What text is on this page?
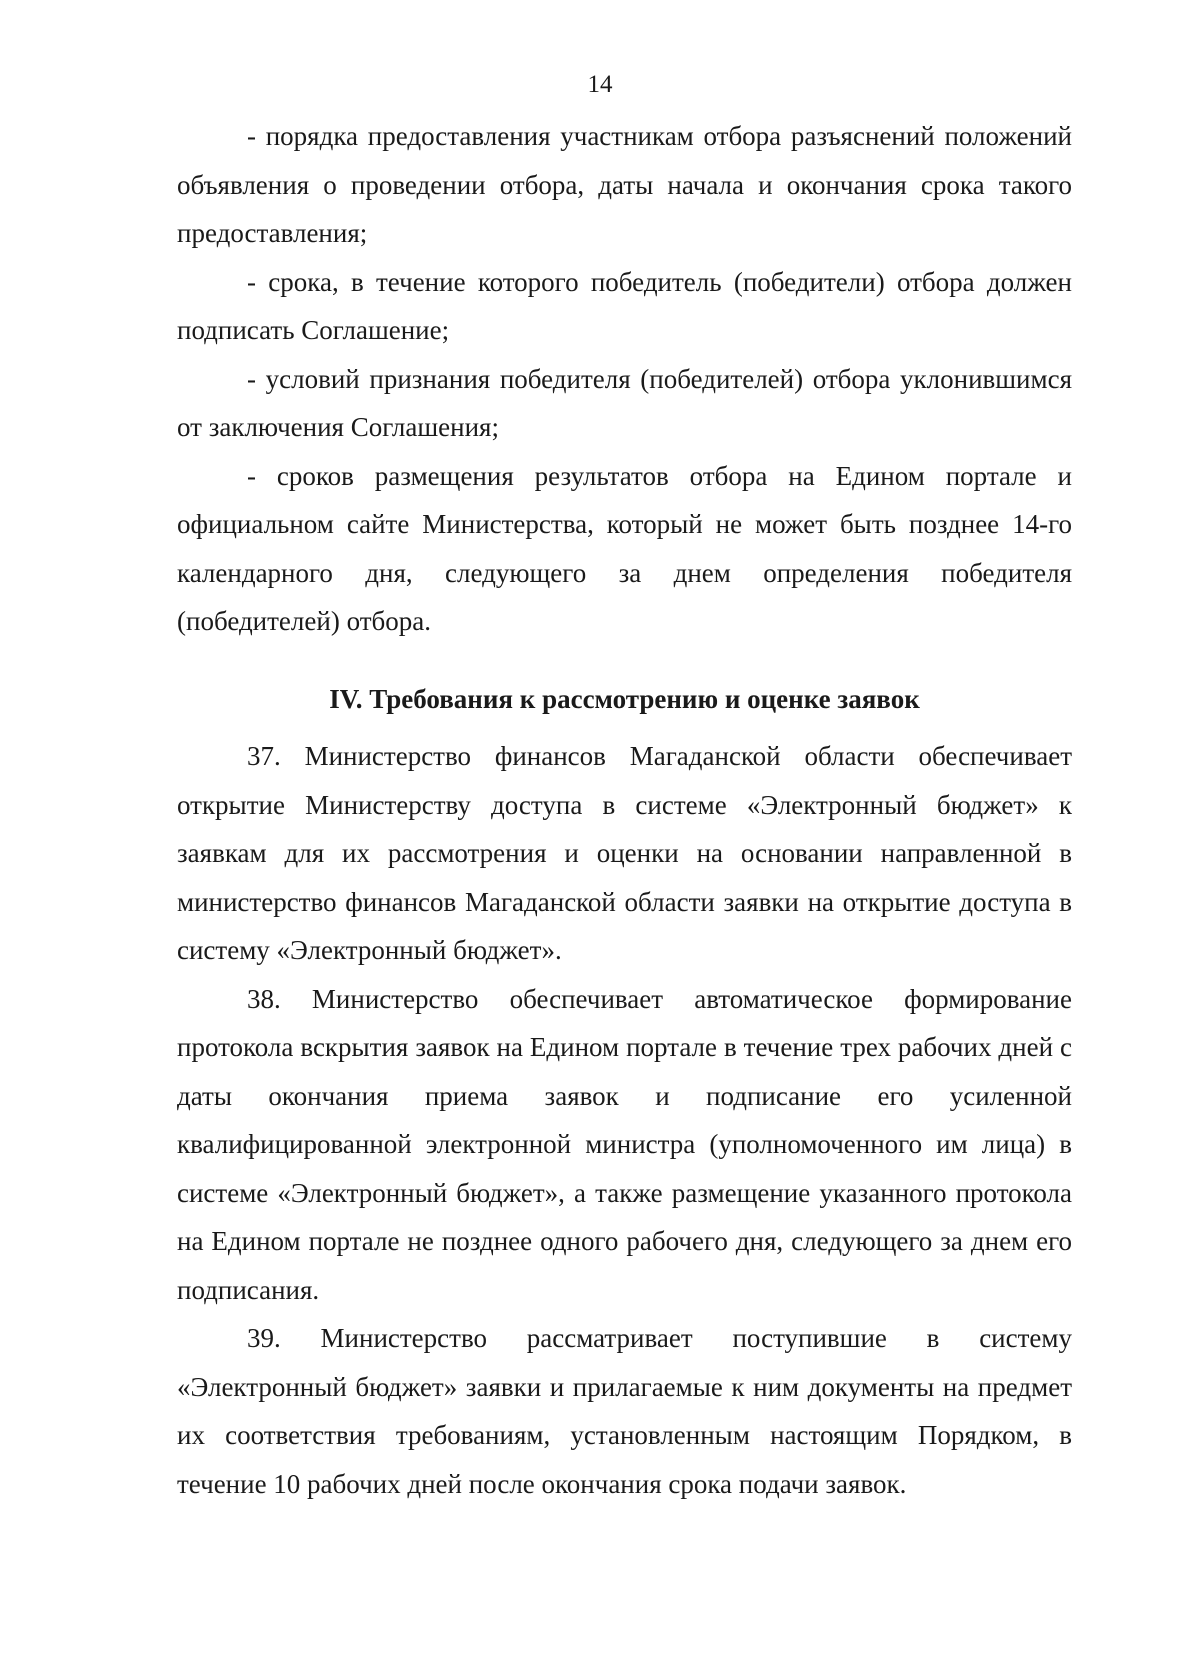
14

- порядка предоставления участникам отбора разъяснений положений объявления о проведении отбора, даты начала и окончания срока такого предоставления;

- срока, в течение которого победитель (победители) отбора должен подписать Соглашение;

- условий признания победителя (победителей) отбора уклонившимся от заключения Соглашения;

- сроков размещения результатов отбора на Едином портале и официальном сайте Министерства, который не может быть позднее 14-го календарного дня, следующего за днем определения победителя (победителей) отбора.

IV. Требования к рассмотрению и оценке заявок

37. Министерство финансов Магаданской области обеспечивает открытие Министерству доступа в системе «Электронный бюджет» к заявкам для их рассмотрения и оценки на основании направленной в министерство финансов Магаданской области заявки на открытие доступа в систему «Электронный бюджет».

38. Министерство обеспечивает автоматическое формирование протокола вскрытия заявок на Едином портале в течение трех рабочих дней с даты окончания приема заявок и подписание его усиленной квалифицированной электронной министра (уполномоченного им лица) в системе «Электронный бюджет», а также размещение указанного протокола на Едином портале не позднее одного рабочего дня, следующего за днем его подписания.

39. Министерство рассматривает поступившие в систему «Электронный бюджет» заявки и прилагаемые к ним документы на предмет их соответствия требованиям, установленным настоящим Порядком, в течение 10 рабочих дней после окончания срока подачи заявок.
